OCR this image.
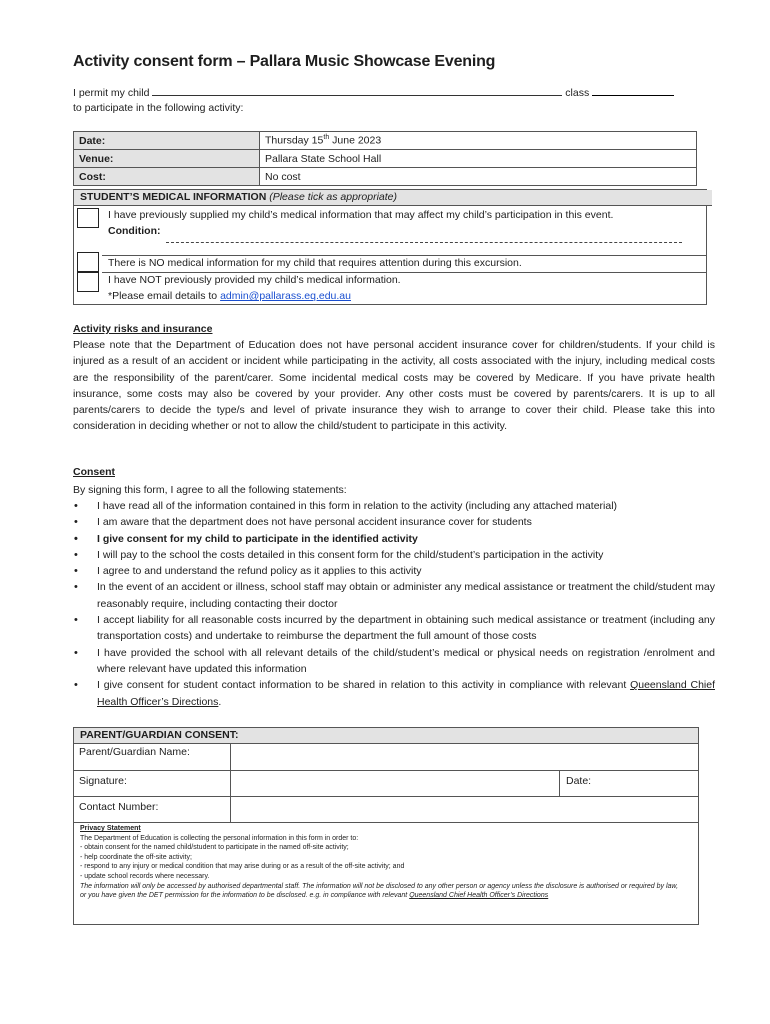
Activity consent form – Pallara Music Showcase Evening
I permit my child	class
to participate in the following activity:
Date:	Thursday 15th June 2023
Venue:	Pallara State School Hall
Cost:	No cost
STUDENT’S MEDICAL INFORMATION (Please tick as appropriate)
I have previously supplied my child’s medical information that may affect my child’s participation in this event.
Condition:
There is NO medical information for my child that requires attention during this excursion.
I have NOT previously provided my child’s medical information.
*Please email details to admin@pallarass.eq.edu.au
Activity risks and insurance
Please note that the Department of Education does not have personal accident insurance cover for children/students. If your child is injured as a result of an accident or incident while participating in the activity, all costs associated with the injury, including medical costs are the responsibility of the parent/carer. Some incidental medical costs may be covered by Medicare. If you have private health insurance, some costs may also be covered by your provider. Any other costs must be covered by parents/carers. It is up to all parents/carers to decide the type/s and level of private insurance they wish to arrange to cover their child. Please take this into consideration in deciding whether or not to allow the child/student to participate in this activity.
Consent
By signing this form, I agree to all the following statements:
• I have read all of the information contained in this form in relation to the activity (including any attached material)
• I am aware that the department does not have personal accident insurance cover for students
• I give consent for my child to participate in the identified activity
• I will pay to the school the costs detailed in this consent form for the child/student’s participation in the activity
• I agree to and understand the refund policy as it applies to this activity
• In the event of an accident or illness, school staff may obtain or administer any medical assistance or treatment the child/student may reasonably require, including contacting their doctor
• I accept liability for all reasonable costs incurred by the department in obtaining such medical assistance or treatment (including any transportation costs) and undertake to reimburse the department the full amount of those costs
• I have provided the school with all relevant details of the child/student’s medical or physical needs on registration /enrolment and where relevant have updated this information
• I give consent for student contact information to be shared in relation to this activity in compliance with relevant Queensland Chief Health Officer’s Directions.
PARENT/GUARDIAN CONSENT:
Parent/Guardian Name:
Signature:	Date:
Contact Number:
Privacy Statement
The Department of Education is collecting the personal information in this form in order to:
- obtain consent for the named child/student to participate in the named off-site activity;
- help coordinate the off-site activity;
- respond to any injury or medical condition that may arise during or as a result of the off-site activity; and
- update school records where necessary.
The information will only be accessed by authorised departmental staff. The information will not be disclosed to any other person or agency unless the disclosure is authorised or required by law, or you have given the DET permission for the information to be disclosed. e.g. in compliance with relevant Queensland Chief Health Officer’s Directions
